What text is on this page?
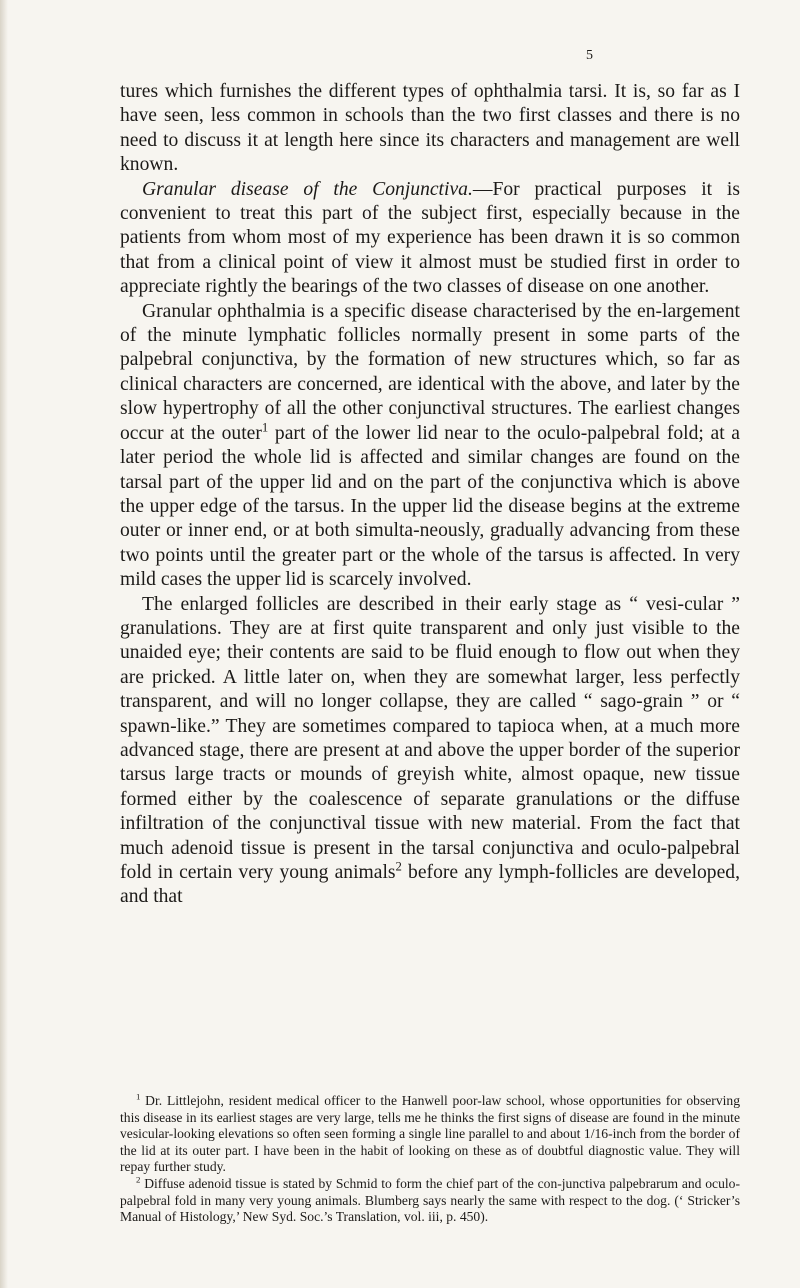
5

tures which furnishes the different types of ophthalmia tarsi. It is, so far as I have seen, less common in schools than the two first classes and there is no need to discuss it at length here since its characters and management are well known.

Granular disease of the Conjunctiva.—For practical purposes it is convenient to treat this part of the subject first, especially because in the patients from whom most of my experience has been drawn it is so common that from a clinical point of view it almost must be studied first in order to appreciate rightly the bearings of the two classes of disease on one another.

Granular ophthalmia is a specific disease characterised by the en-largement of the minute lymphatic follicles normally present in some parts of the palpebral conjunctiva, by the formation of new structures which, so far as clinical characters are concerned, are identical with the above, and later by the slow hypertrophy of all the other conjunctival structures. The earliest changes occur at the outer$^1$ part of the lower lid near to the oculo-palpebral fold; at a later period the whole lid is affected and similar changes are found on the tarsal part of the upper lid and on the part of the conjunctiva which is above the upper edge of the tarsus. In the upper lid the disease begins at the extreme outer or inner end, or at both simulta-neously, gradually advancing from these two points until the greater part or the whole of the tarsus is affected. In very mild cases the upper lid is scarcely involved.

The enlarged follicles are described in their early stage as “ vesi-cular ” granulations. They are at first quite transparent and only just visible to the unaided eye; their contents are said to be fluid enough to flow out when they are pricked. A little later on, when they are somewhat larger, less perfectly transparent, and will no longer collapse, they are called “ sago-grain ” or “ spawn-like.” They are sometimes compared to tapioca when, at a much more advanced stage, there are present at and above the upper border of the superior tarsus large tracts or mounds of greyish white, almost opaque, new tissue formed either by the coalescence of separate granulations or the diffuse infiltration of the conjunctival tissue with new material. From the fact that much adenoid tissue is present in the tarsal conjunctiva and oculo-palpebral fold in certain very young animals$^2$ before any lymph-follicles are developed, and that

$^1$ Dr. Littlejohn, resident medical officer to the Hanwell poor-law school, whose opportunities for observing this disease in its earliest stages are very large, tells me he thinks the first signs of disease are found in the minute vesicular-looking elevations so often seen forming a single line parallel to and about 1/16-inch from the border of the lid at its outer part. I have been in the habit of looking on these as of doubtful diagnostic value. They will repay further study.

$^2$ Diffuse adenoid tissue is stated by Schmid to form the chief part of the con-junctiva palpebrarum and oculo-palpebral fold in many very young animals. Blumberg says nearly the same with respect to the dog. (‘ Stricker’s Manual of Histology,’ New Syd. Soc.’s Translation, vol. iii, p. 450).
